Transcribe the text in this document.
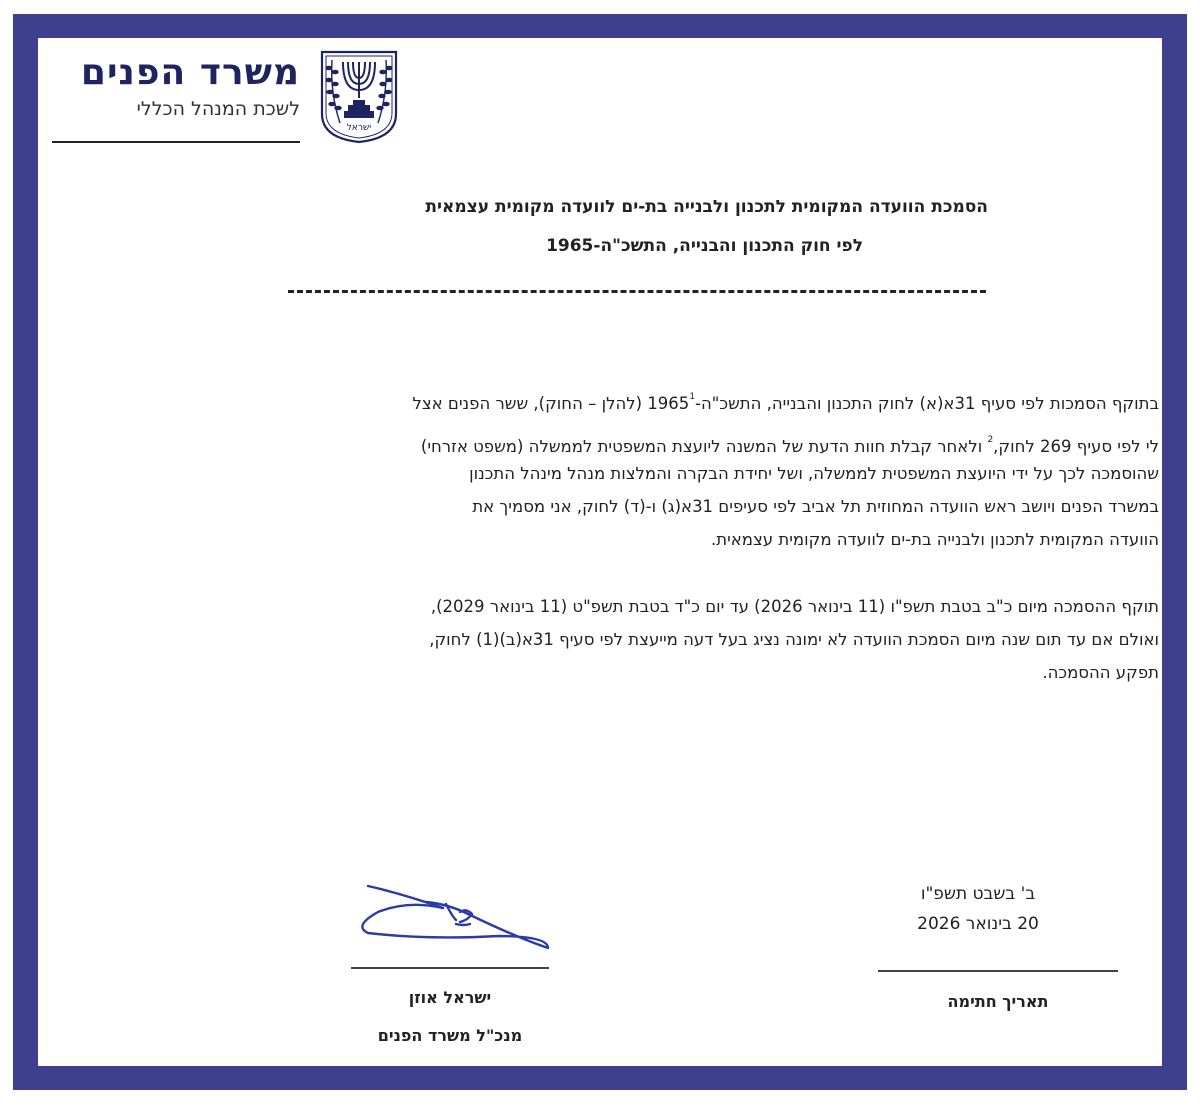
ישראל
משרד הפנים
לשכת המנהל הכללי
הסמכת הוועדה המקומית לתכנון ולבנייה בת-ים לוועדה מקומית עצמאית
לפי חוק התכנון והבנייה, התשכ"ה-1965

בתוקף הסמכות לפי סעיף 31א(א) לחוק התכנון והבנייה, התשכ"ה-1965$^1$ (להלן – החוק), ששר הפנים אצל

לי לפי סעיף 269 לחוק,$^2$ ולאחר קבלת חוות הדעת של המשנה ליועצת המשפטית לממשלה (משפט אזרחי)

שהוסמכה לכך על ידי היועצת המשפטית לממשלה, ושל יחידת הבקרה והמלצות מנהל מינהל התכנון

במשרד הפנים ויושב ראש הוועדה המחוזית תל אביב לפי סעיפים 31א(ג) ו-(ד) לחוק, אני מסמיך את

הוועדה המקומית לתכנון ולבנייה בת-ים לוועדה מקומית עצמאית.

תוקף ההסמכה מיום כ"ב בטבת תשפ"ו (11 בינואר 2026) עד יום כ"ד בטבת תשפ"ט (11 בינואר 2029),

ואולם אם עד תום שנה מיום הסמכת הוועדה לא ימונה נציג בעל דעה מייעצת לפי סעיף 31א(ב)(1) לחוק,

תפקע ההסמכה.

ישראל אוזן
מנכ"ל משרד הפנים
ב' בשבט תשפ"ו
20 בינואר 2026
תאריך חתימה
